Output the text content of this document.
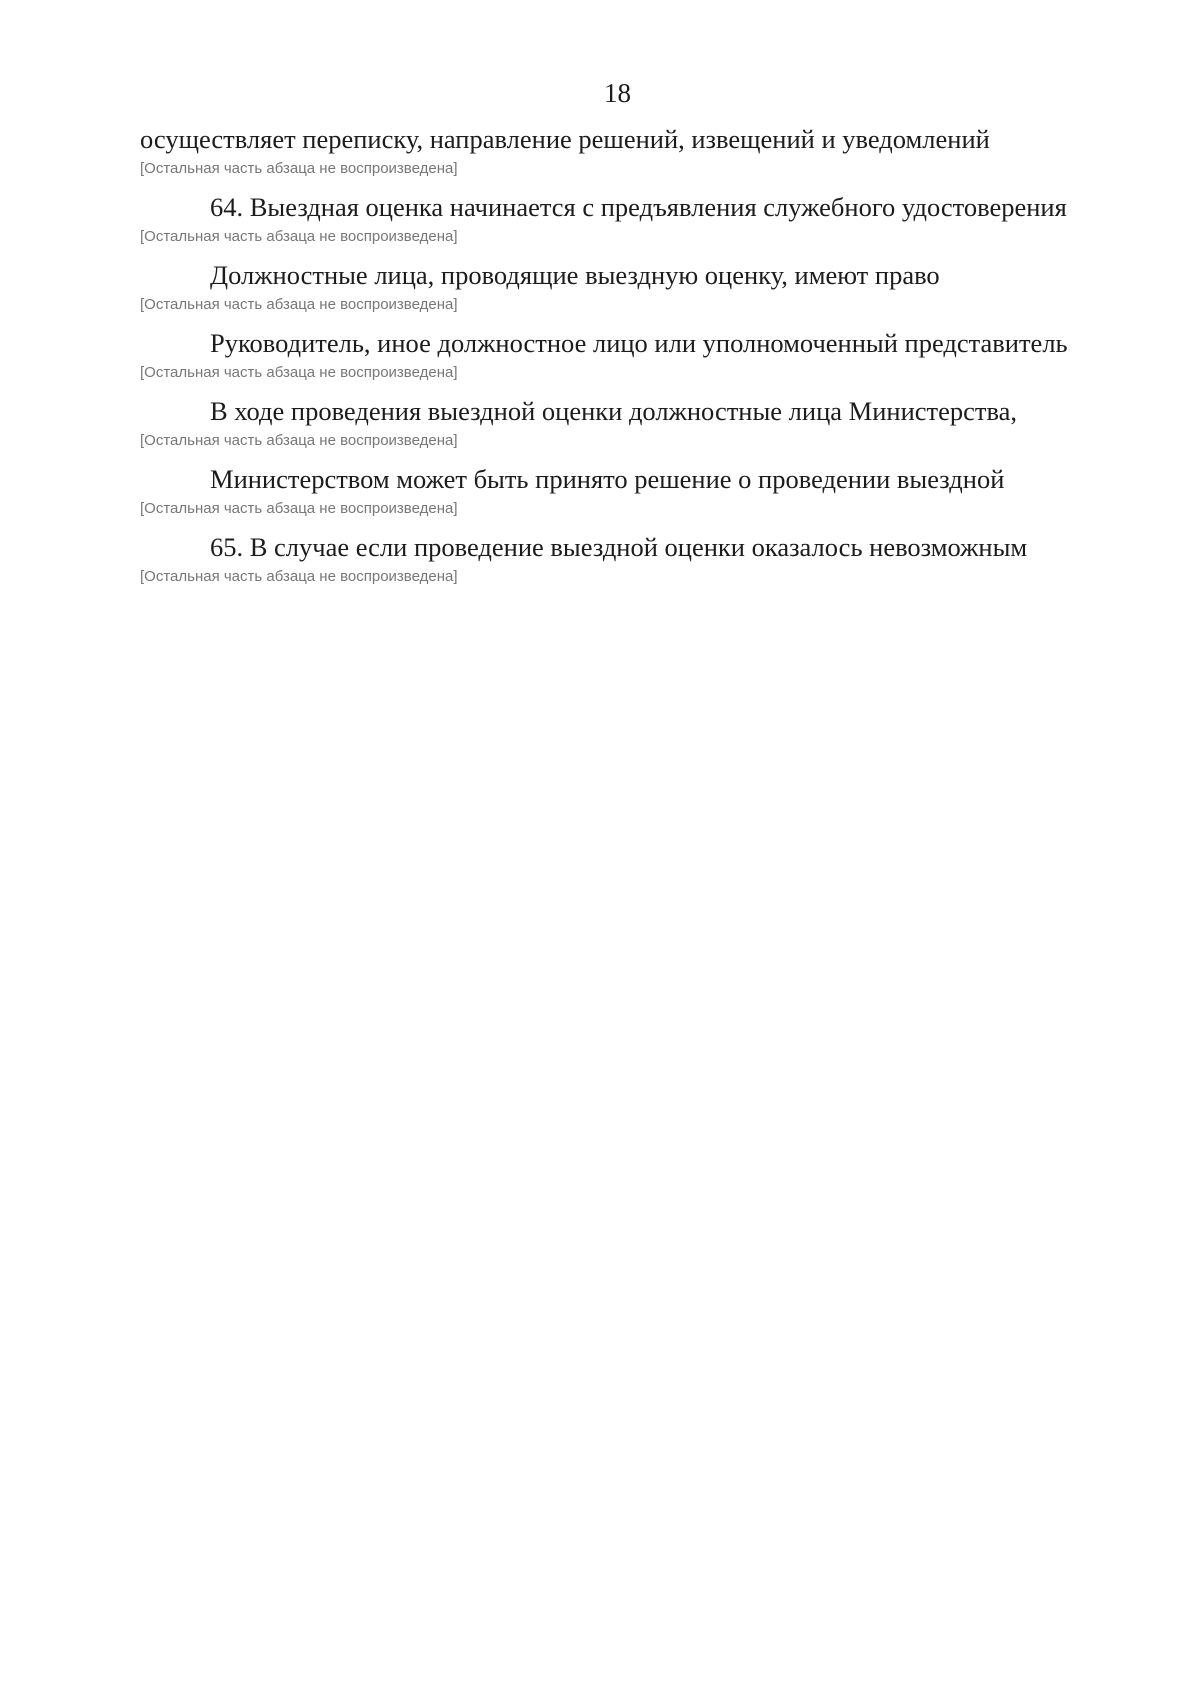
18

осуществляет переписку, направление решений, извещений и уведомлений
[Остальная часть абзаца не воспроизведена]

64. Выездная оценка начинается с предъявления служебного удостоверения
[Остальная часть абзаца не воспроизведена]

Должностные лица, проводящие выездную оценку, имеют право
[Остальная часть абзаца не воспроизведена]

Руководитель, иное должностное лицо или уполномоченный представитель
[Остальная часть абзаца не воспроизведена]

В ходе проведения выездной оценки должностные лица Министерства,
[Остальная часть абзаца не воспроизведена]

Министерством может быть принято решение о проведении выездной
[Остальная часть абзаца не воспроизведена]

65. В случае если проведение выездной оценки оказалось невозможным
[Остальная часть абзаца не воспроизведена]
